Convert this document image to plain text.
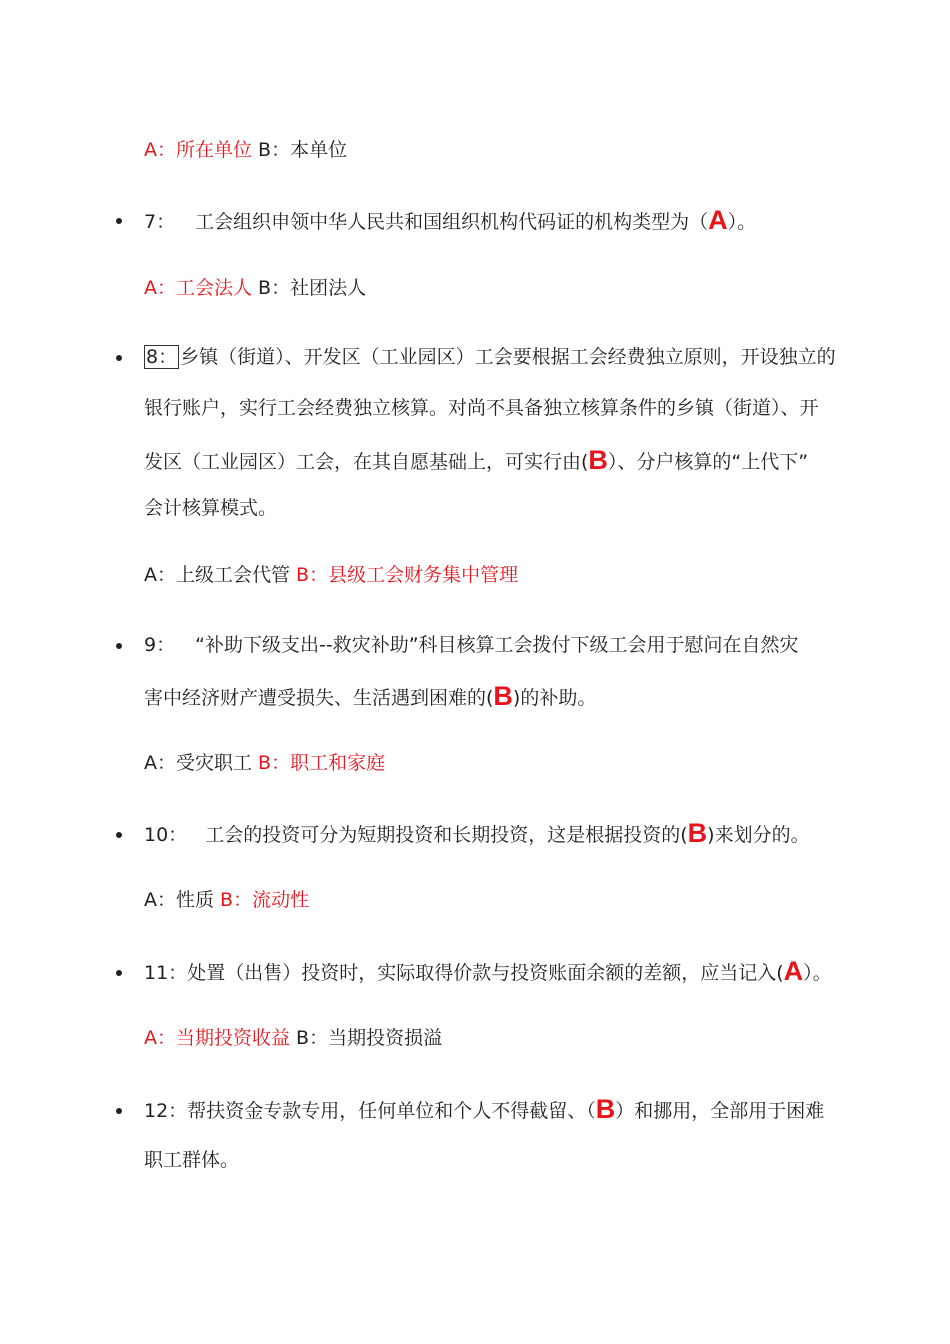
A：所在单位 B：本单位
7： 工会组织申领中华人民共和国组织机构代码证的机构类型为（A）。
A：工会法人 B：社团法人
8： 乡镇（街道）、开发区（工业园区）工会要根据工会经费独立原则，开设独立的
银行账户，实行工会经费独立核算。对尚不具备独立核算条件的乡镇（街道）、开
发区（工业园区）工会，在其自愿基础上，可实行由(B）、分户核算的“上代下”
会计核算模式。
A：上级工会代管 B：县级工会财务集中管理
9： “补助下级支出--救灾补助”科目核算工会拨付下级工会用于慰问在自然灾
害中经济财产遭受损失、生活遇到困难的(B)的补助。
A：受灾职工 B：职工和家庭
10： 工会的投资可分为短期投资和长期投资，这是根据投资的(B)来划分的。
A：性质 B：流动性
11：处置（出售）投资时，实际取得价款与投资账面余额的差额，应当记入(A）。
A：当期投资收益 B：当期投资损溢
12：帮扶资金专款专用，任何单位和个人不得截留、（B）和挪用，全部用于困难
职工群体。
